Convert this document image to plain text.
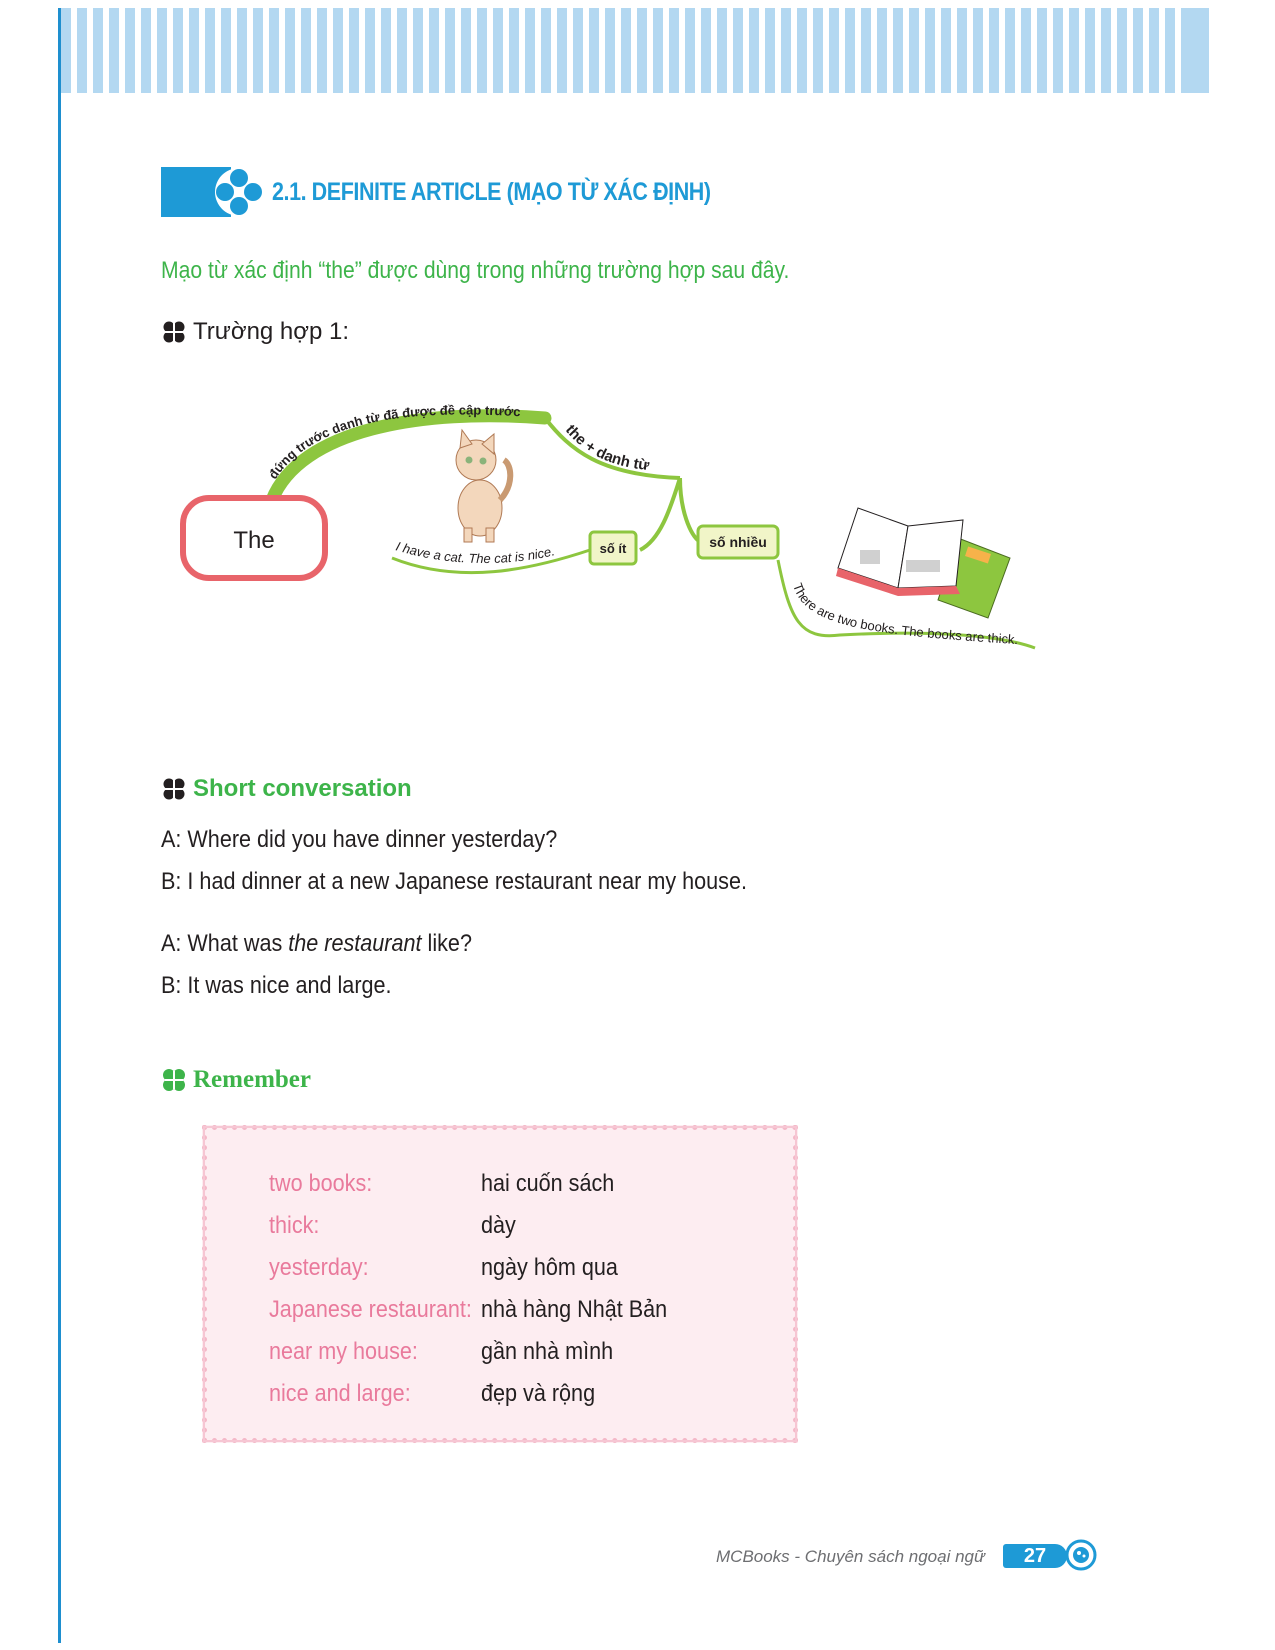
2.1. DEFINITE ARTICLE (MẠO TỪ XÁC ĐỊNH)
Mạo từ xác định “the” được dùng trong những trường hợp sau đây.
Trường hợp 1:
The
đứng trước danh từ đã được đề cập trước
the + danh từ
I have a cat. The cat is nice.
There are two books. The books are thick.
số ít	số nhiều
Short conversation
A: Where did you have dinner yesterday?
B: I had dinner at a new Japanese restaurant near my house.
A: What was the restaurant like?
B: It was nice and large.
Remember
two books:	hai cuốn sách
thick:	dày
yesterday:	ngày hôm qua
Japanese restaurant: nhà hàng Nhật Bản
near my house:	gần nhà mình
nice and large:	đẹp và rộng
MCBooks - Chuyên sách ngoại ngữ	27
